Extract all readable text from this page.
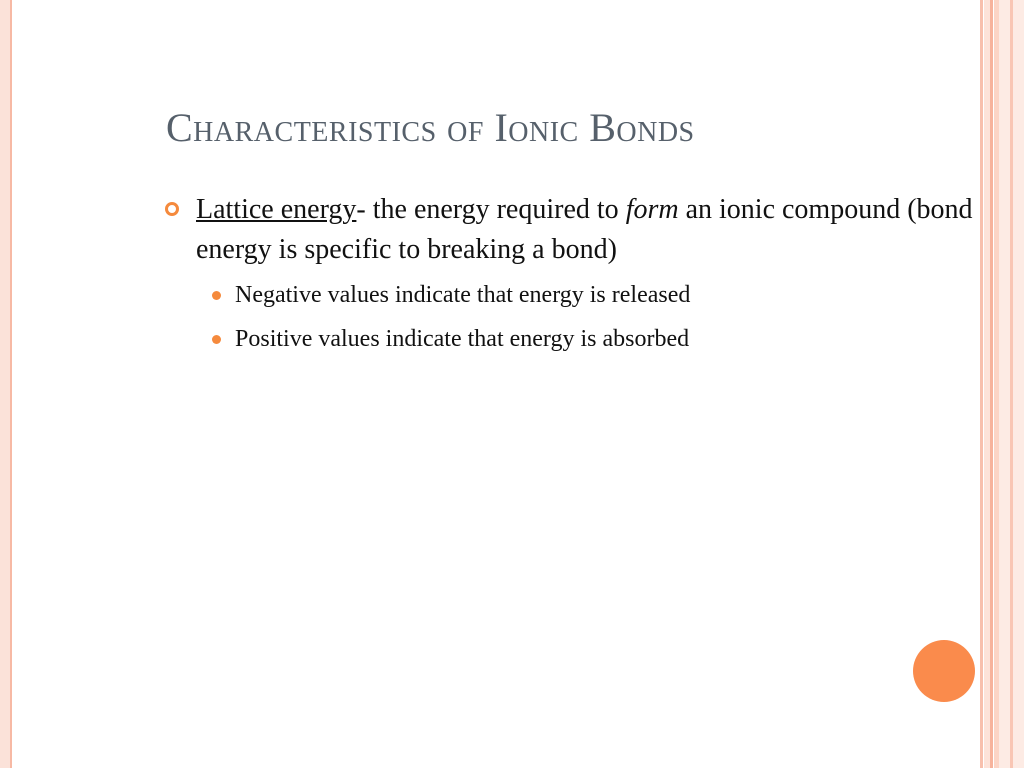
Characteristics of Ionic Bonds
Lattice energy- the energy required to form an ionic compound (bond energy is specific to breaking a bond)
Negative values indicate that energy is released
Positive values indicate that energy is absorbed
